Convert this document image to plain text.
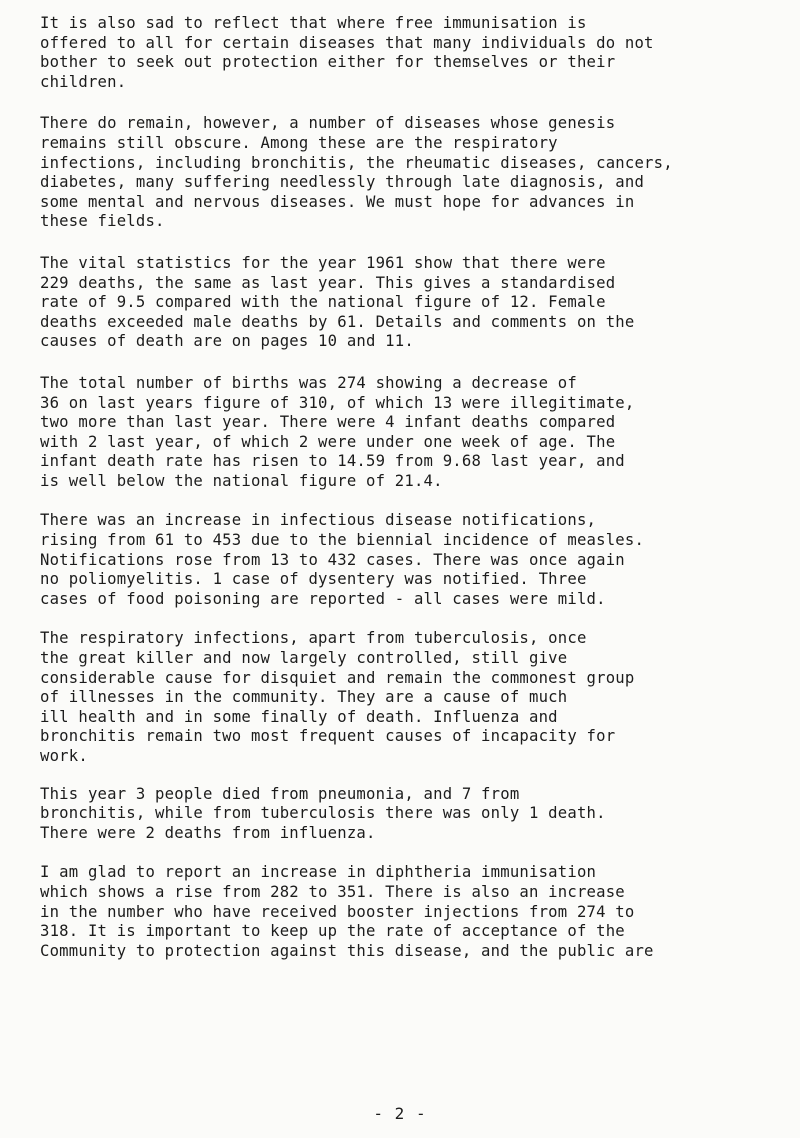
It is also sad to reflect that where free immunisation is
offered to all for certain diseases that many individuals do not
bother to seek out protection either for themselves or their
children.

There do remain, however, a number of diseases whose genesis
remains still obscure. Among these are the respiratory
infections, including bronchitis, the rheumatic diseases, cancers,
diabetes, many suffering needlessly through late diagnosis, and
some mental and nervous diseases. We must hope for advances in
these fields.

The vital statistics for the year 1961 show that there were
229 deaths, the same as last year. This gives a standardised
rate of 9.5 compared with the national figure of 12. Female
deaths exceeded male deaths by 61. Details and comments on the
causes of death are on pages 10 and 11.

The total number of births was 274 showing a decrease of
36 on last years figure of 310, of which 13 were illegitimate,
two more than last year. There were 4 infant deaths compared
with 2 last year, of which 2 were under one week of age. The
infant death rate has risen to 14.59 from 9.68 last year, and
is well below the national figure of 21.4.

There was an increase in infectious disease notifications,
rising from 61 to 453 due to the biennial incidence of measles.
Notifications rose from 13 to 432 cases. There was once again
no poliomyelitis. 1 case of dysentery was notified. Three
cases of food poisoning are reported - all cases were mild.

The respiratory infections, apart from tuberculosis, once
the great killer and now largely controlled, still give
considerable cause for disquiet and remain the commonest group
of illnesses in the community. They are a cause of much
ill health and in some finally of death. Influenza and
bronchitis remain two most frequent causes of incapacity for
work.

This year 3 people died from pneumonia, and 7 from
bronchitis, while from tuberculosis there was only 1 death.
There were 2 deaths from influenza.

I am glad to report an increase in diphtheria immunisation
which shows a rise from 282 to 351. There is also an increase
in the number who have received booster injections from 274 to
318. It is important to keep up the rate of acceptance of the
Community to protection against this disease, and the public are

- 2 -
